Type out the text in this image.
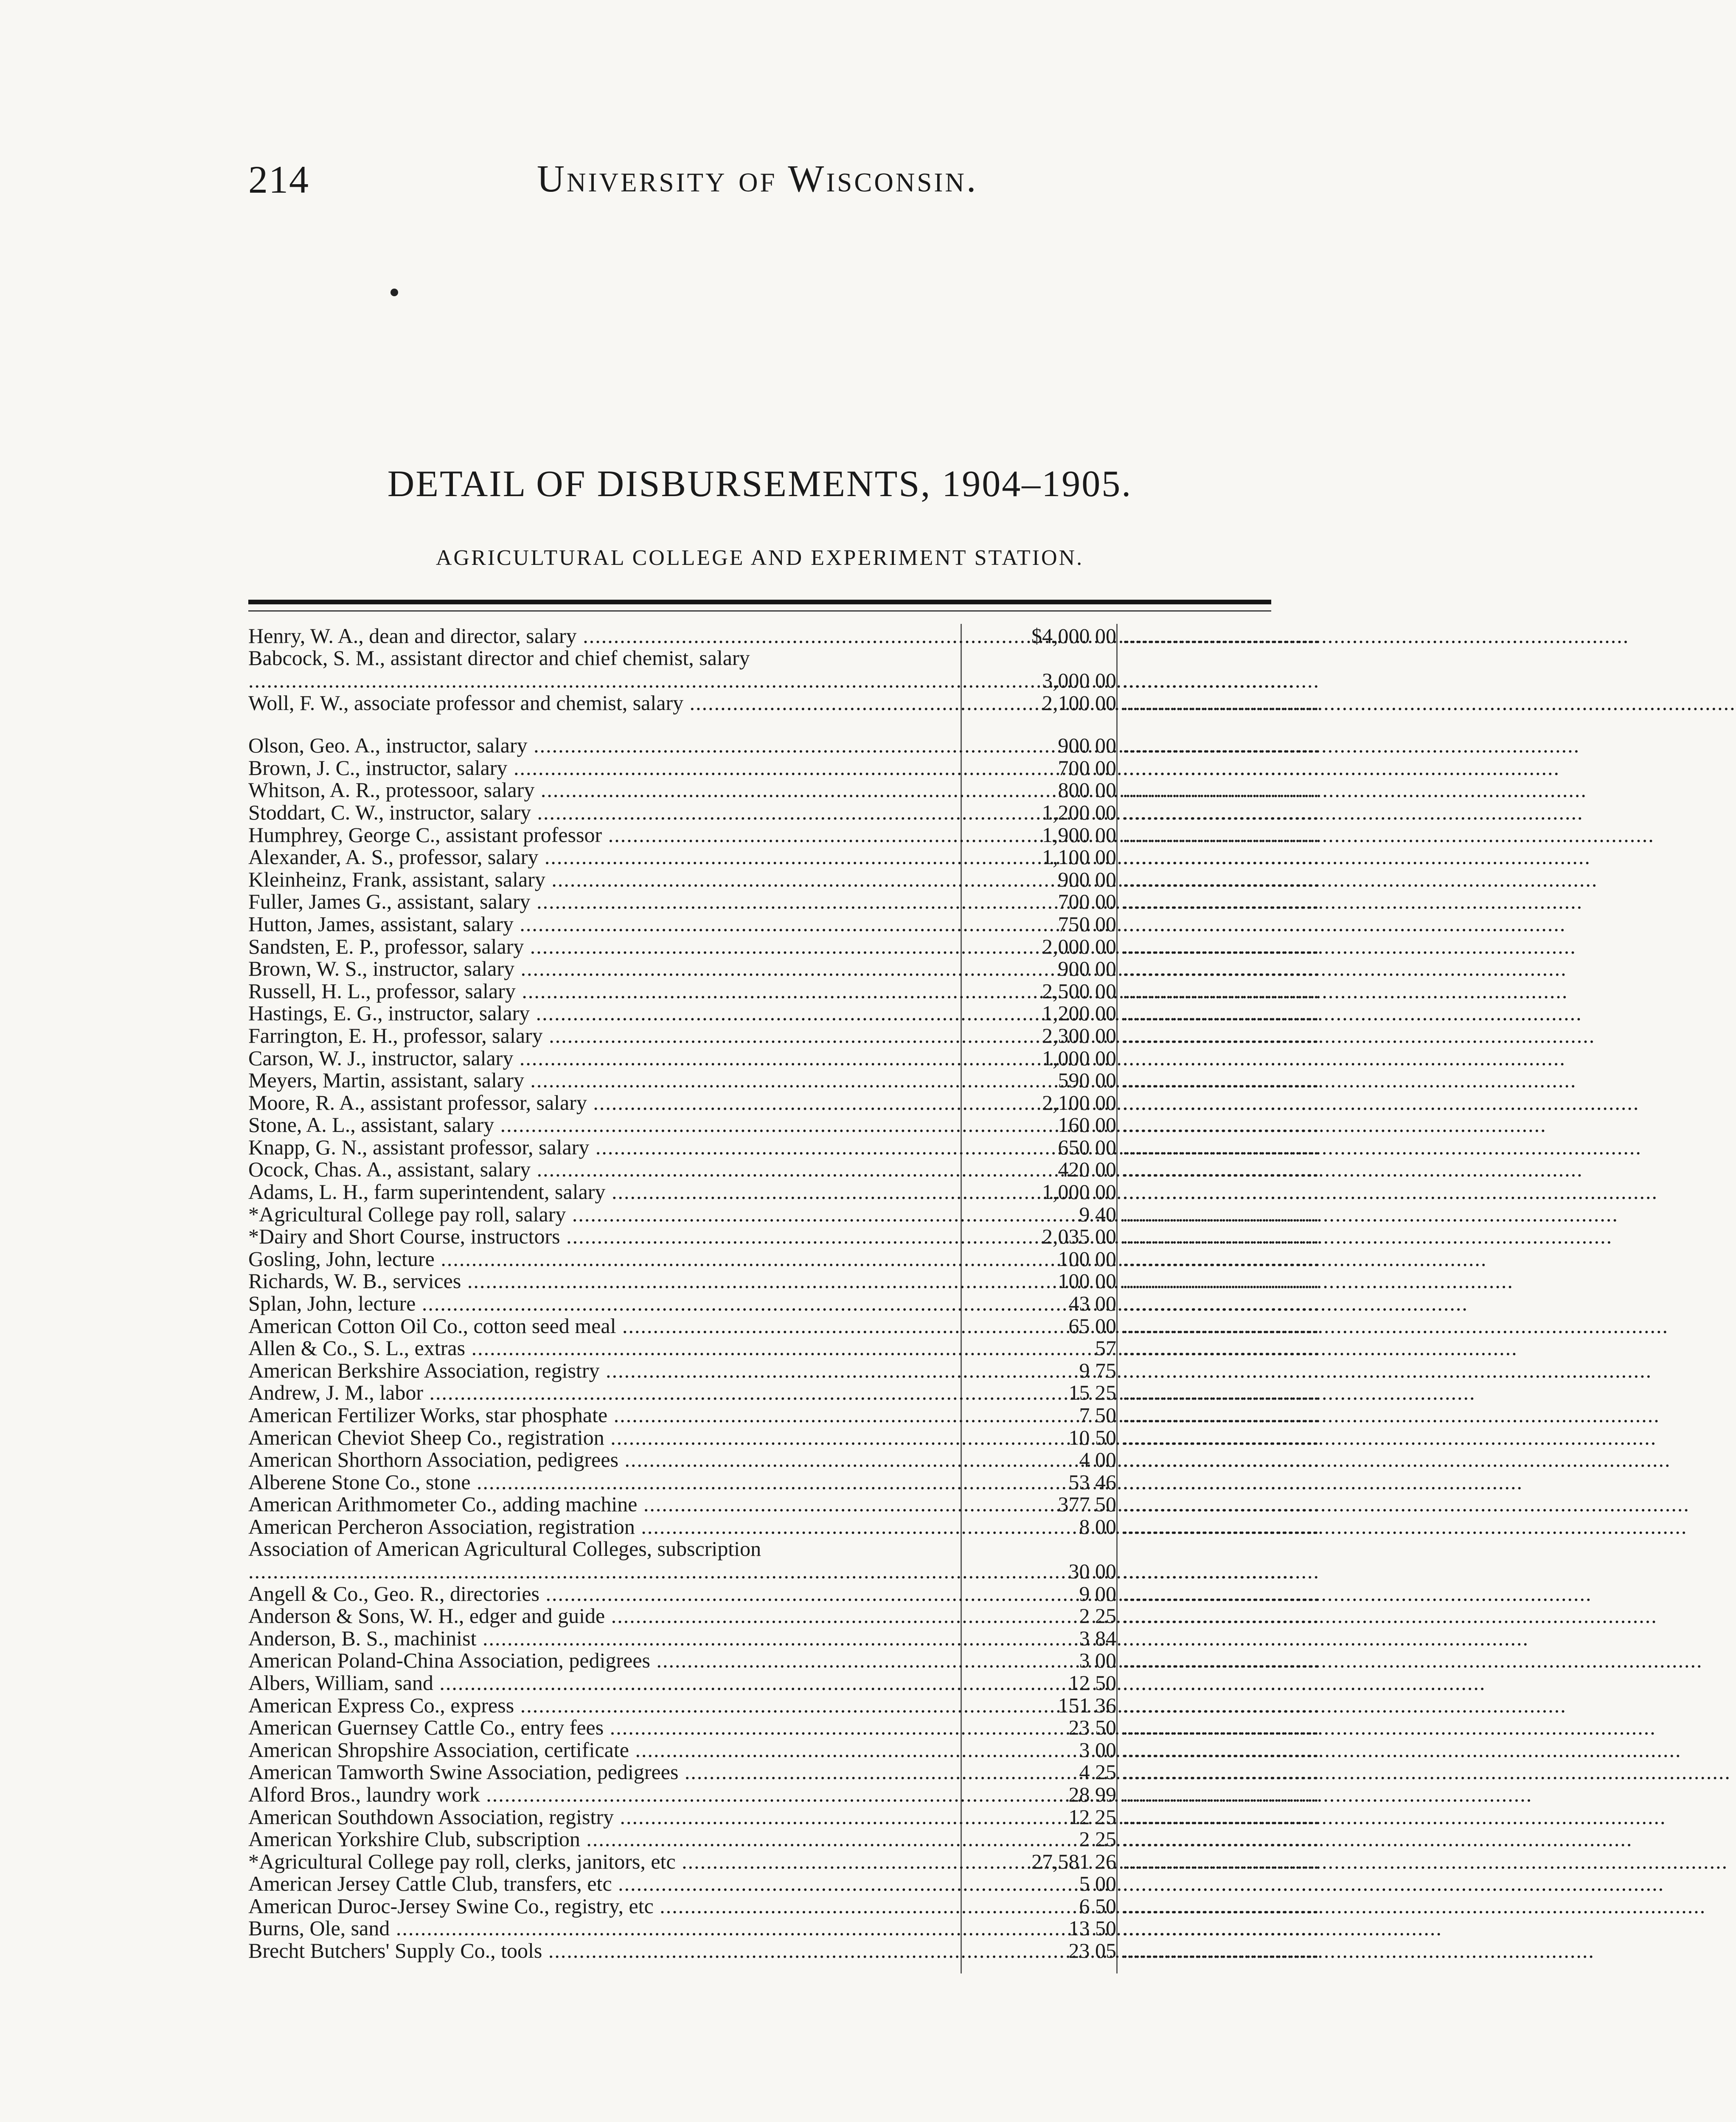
214	University of Wisconsin.
DETAIL OF DISBURSEMENTS, 1904–1905.
AGRICULTURAL COLLEGE AND EXPERIMENT STATION.
Henry, W. A., dean and director, salary .....	$4,000 00 ................................
Babcock, S. M., assistant director and chief chemist, salary .....
3,000 00 ................................
Woll, F. W., associate professor and chemist, salary .....	2,100 00 ................................
Olson, Geo. A., instructor, salary .....	900 00 ................................
Brown, J. C., instructor, salary .....	700 00 ................................
Whitson, A. R., protessoor, salary .....	800 00 ................................
Stoddart, C. W., instructor, salary .....	1,200 00 ................................
Humphrey, George C., assistant professor .....	1,900 00 ................................
Alexander, A. S., professor, salary .....	1,100 00 ................................
Kleinheinz, Frank, assistant, salary .....	900 00 ................................
Fuller, James G., assistant, salary .....	700 00 ................................
Hutton, James, assistant, salary .....	750 00 ................................
Sandsten, E. P., professor, salary .....	2,000 00 ................................
Brown, W. S., instructor, salary .....	900 00 ................................
Russell, H. L., professor, salary .....	2,500 00 ................................
Hastings, E. G., instructor, salary .....	1,200 00 ................................
Farrington, E. H., professor, salary .....	2,300 00 ................................
Carson, W. J., instructor, salary .....	1,000 00 ................................
Meyers, Martin, assistant, salary .....	590 00 ................................
Moore, R. A., assistant professor, salary .....	2,100 00 ................................
Stone, A. L., assistant, salary .....	160 00 ................................
Knapp, G. N., assistant professor, salary .....	650 00 ................................
Ocock, Chas. A., assistant, salary .....	420 00 ................................
Adams, L. H., farm superintendent, salary .....	1,000 00 ................................
*Agricultural College pay roll, salary .....	9 40 ................................
*Dairy and Short Course, instructors .....	2,035 00 ................................
Gosling, John, lecture .....	100 00 ................................
Richards, W. B., services .....	100 00 ................................
Splan, John, lecture .....	43 00 ................................
American Cotton Oil Co., cotton seed meal .....	65 00 ................................
Allen & Co., S. L., extras .....	57 ................................
American Berkshire Association, registry .....	9 75 ................................
Andrew, J. M., labor .....	15 25 ................................
American Fertilizer Works, star phosphate .....	7 50 ................................
American Cheviot Sheep Co., registration .....	10 50 ................................
American Shorthorn Association, pedigrees .....	4 00 ................................
Alberene Stone Co., stone .....	53 46 ................................
American Arithmometer Co., adding machine .....	377 50 ................................
American Percheron Association, registration .....	8 00 ................................
Association of American Agricultural Colleges, subscription .....
30 00 ................................
Angell & Co., Geo. R., directories .....	9 00 ................................
Anderson & Sons, W. H., edger and guide .....	2 25 ................................
Anderson, B. S., machinist .....	3 84 ................................
American Poland-China Association, pedigrees .....	3 00 ................................
Albers, William, sand .....	12 50 ................................
American Express Co., express .....	151 36 ................................
American Guernsey Cattle Co., entry fees .....	23 50 ................................
American Shropshire Association, certificate .....	3 00 ................................
American Tamworth Swine Association, pedigrees .....	4 25 ................................
Alford Bros., laundry work .....	28 99 ................................
American Southdown Association, registry .....	12 25 ................................
American Yorkshire Club, subscription .....	2 25 ................................
*Agricultural College pay roll, clerks, janitors, etc .....	27,581 26 ................................
American Jersey Cattle Club, transfers, etc .....	5 00 ................................
American Duroc-Jersey Swine Co., registry, etc .....	6 50 ................................
Burns, Ole, sand .....	13 50 ................................
Brecht Butchers' Supply Co., tools .....	23 05 ................................
